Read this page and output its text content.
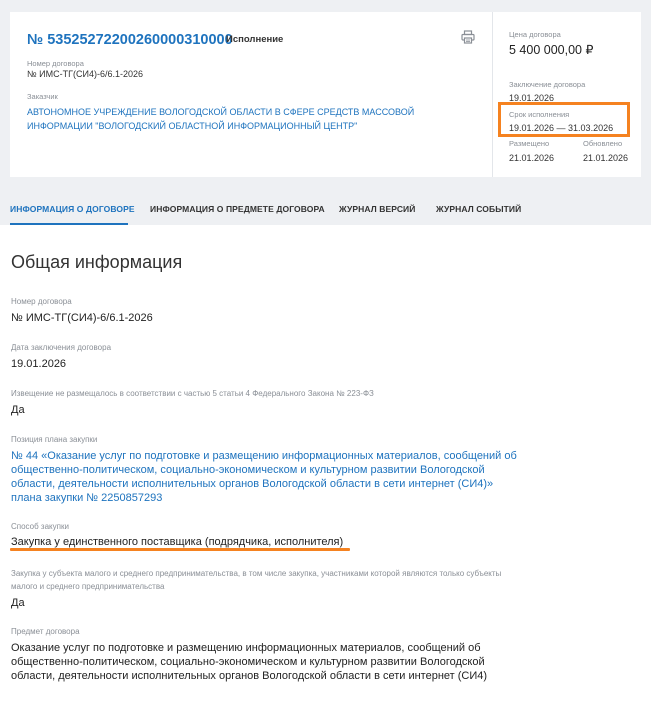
№ 53525272200260000310000
Исполнение
Номер договора
№ ИМС-ТГ(СИ4)-6/6.1-2026
Заказчик
АВТОНОМНОЕ УЧРЕЖДЕНИЕ ВОЛОГОДСКОЙ ОБЛАСТИ В СФЕРЕ СРЕДСТВ МАССОВОЙ ИНФОРМАЦИИ "ВОЛОГОДСКИЙ ОБЛАСТНОЙ ИНФОРМАЦИОННЫЙ ЦЕНТР"
Цена договора
5 400 000,00 ₽
Заключение договора
19.01.2026
Срок исполнения
19.01.2026 — 31.03.2026
Размещено
21.01.2026
Обновлено
21.01.2026
ИНФОРМАЦИЯ О ДОГОВОРЕ ИНФОРМАЦИЯ О ПРЕДМЕТЕ ДОГОВОРА ЖУРНАЛ ВЕРСИЙ ЖУРНАЛ СОБЫТИЙ
Общая информация
Номер договора
№ ИМС-ТГ(СИ4)-6/6.1-2026
Дата заключения договора
19.01.2026
Извещение не размещалось в соответствии с частью 5 статьи 4 Федерального Закона № 223-ФЗ
Да
Позиция плана закупки
№ 44 «Оказание услуг по подготовке и размещению информационных материалов, сообщений об общественно-политическом, социально-экономическом и культурном развитии Вологодской области, деятельности исполнительных органов Вологодской области в сети интернет (СИ4)» плана закупки № 2250857293
Способ закупки
Закупка у единственного поставщика (подрядчика, исполнителя)
Закупка у субъекта малого и среднего предпринимательства, в том числе закупка, участниками которой являются только субъекты малого и среднего предпринимательства
Да
Предмет договора
Оказание услуг по подготовке и размещению информационных материалов, сообщений об общественно-политическом, социально-экономическом и культурном развитии Вологодской области, деятельности исполнительных органов Вологодской области в сети интернет (СИ4)
